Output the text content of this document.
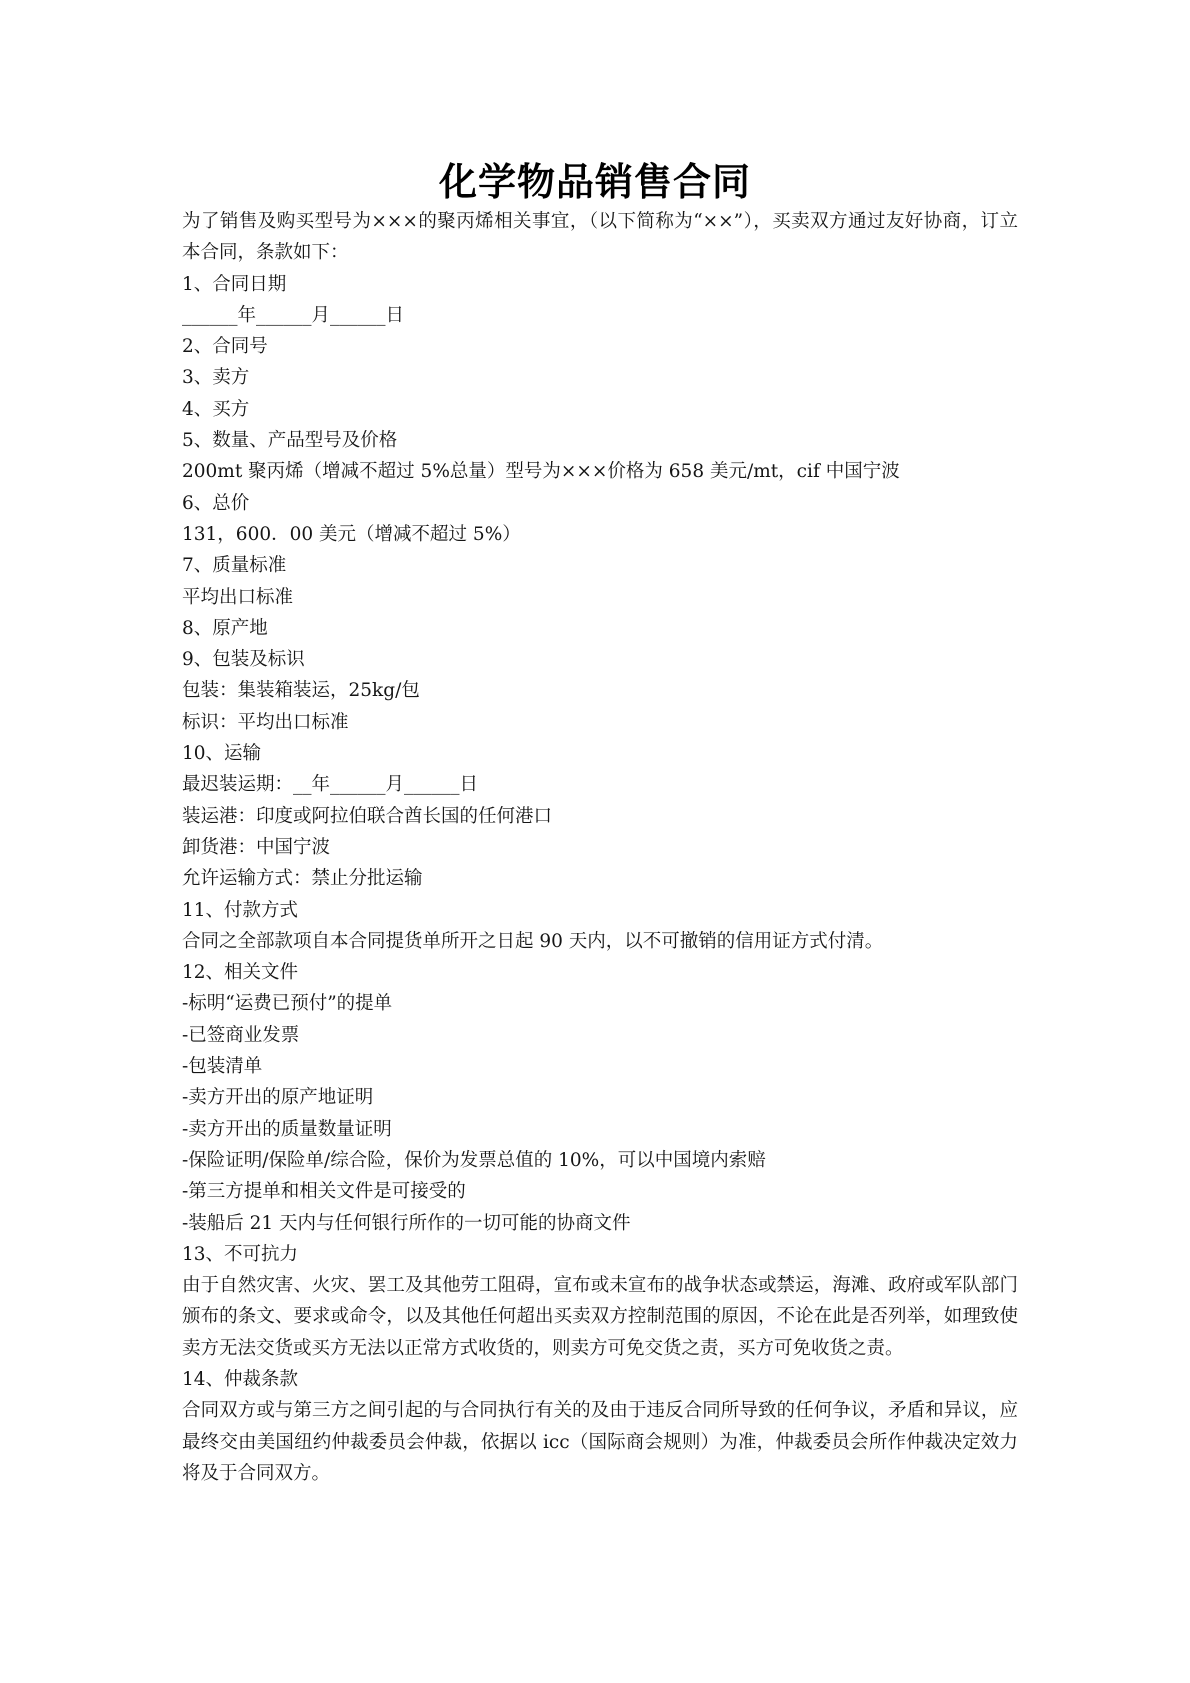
化学物品销售合同

为了销售及购买型号为×××的聚丙烯相关事宜，（以下简称为“××”），买卖双方通过友好协商，订立本合同，条款如下：

1、合同日期
______年______月______日
2、合同号
3、卖方
4、买方
5、数量、产品型号及价格
200mt 聚丙烯（增减不超过 5%总量）型号为×××价格为 658 美元/mt，cif 中国宁波
6、总价
131，600．00 美元（增减不超过 5%）
7、质量标准
平均出口标准
8、原产地
9、包装及标识
包装：集装箱装运，25kg/包
标识：平均出口标准
10、运输
最迟装运期：__年______月______日
装运港：印度或阿拉伯联合酋长国的任何港口
卸货港：中国宁波
允许运输方式：禁止分批运输
11、付款方式
合同之全部款项自本合同提货单所开之日起 90 天内，以不可撤销的信用证方式付清。
12、相关文件
-标明“运费已预付”的提单
-已签商业发票
-包装清单
-卖方开出的原产地证明
-卖方开出的质量数量证明
-保险证明/保险单/综合险，保价为发票总值的 10%，可以中国境内索赔
-第三方提单和相关文件是可接受的
-装船后 21 天内与任何银行所作的一切可能的协商文件
13、不可抗力

由于自然灾害、火灾、罢工及其他劳工阻碍，宣布或未宣布的战争状态或禁运，海滩、政府或军队部门颁布的条文、要求或命令，以及其他任何超出买卖双方控制范围的原因，不论在此是否列举，如理致使卖方无法交货或买方无法以正常方式收货的，则卖方可免交货之责，买方可免收货之责。

14、仲裁条款

合同双方或与第三方之间引起的与合同执行有关的及由于违反合同所导致的任何争议，矛盾和异议，应最终交由美国纽约仲裁委员会仲裁，依据以 icc（国际商会规则）为准，仲裁委员会所作仲裁决定效力将及于合同双方。
